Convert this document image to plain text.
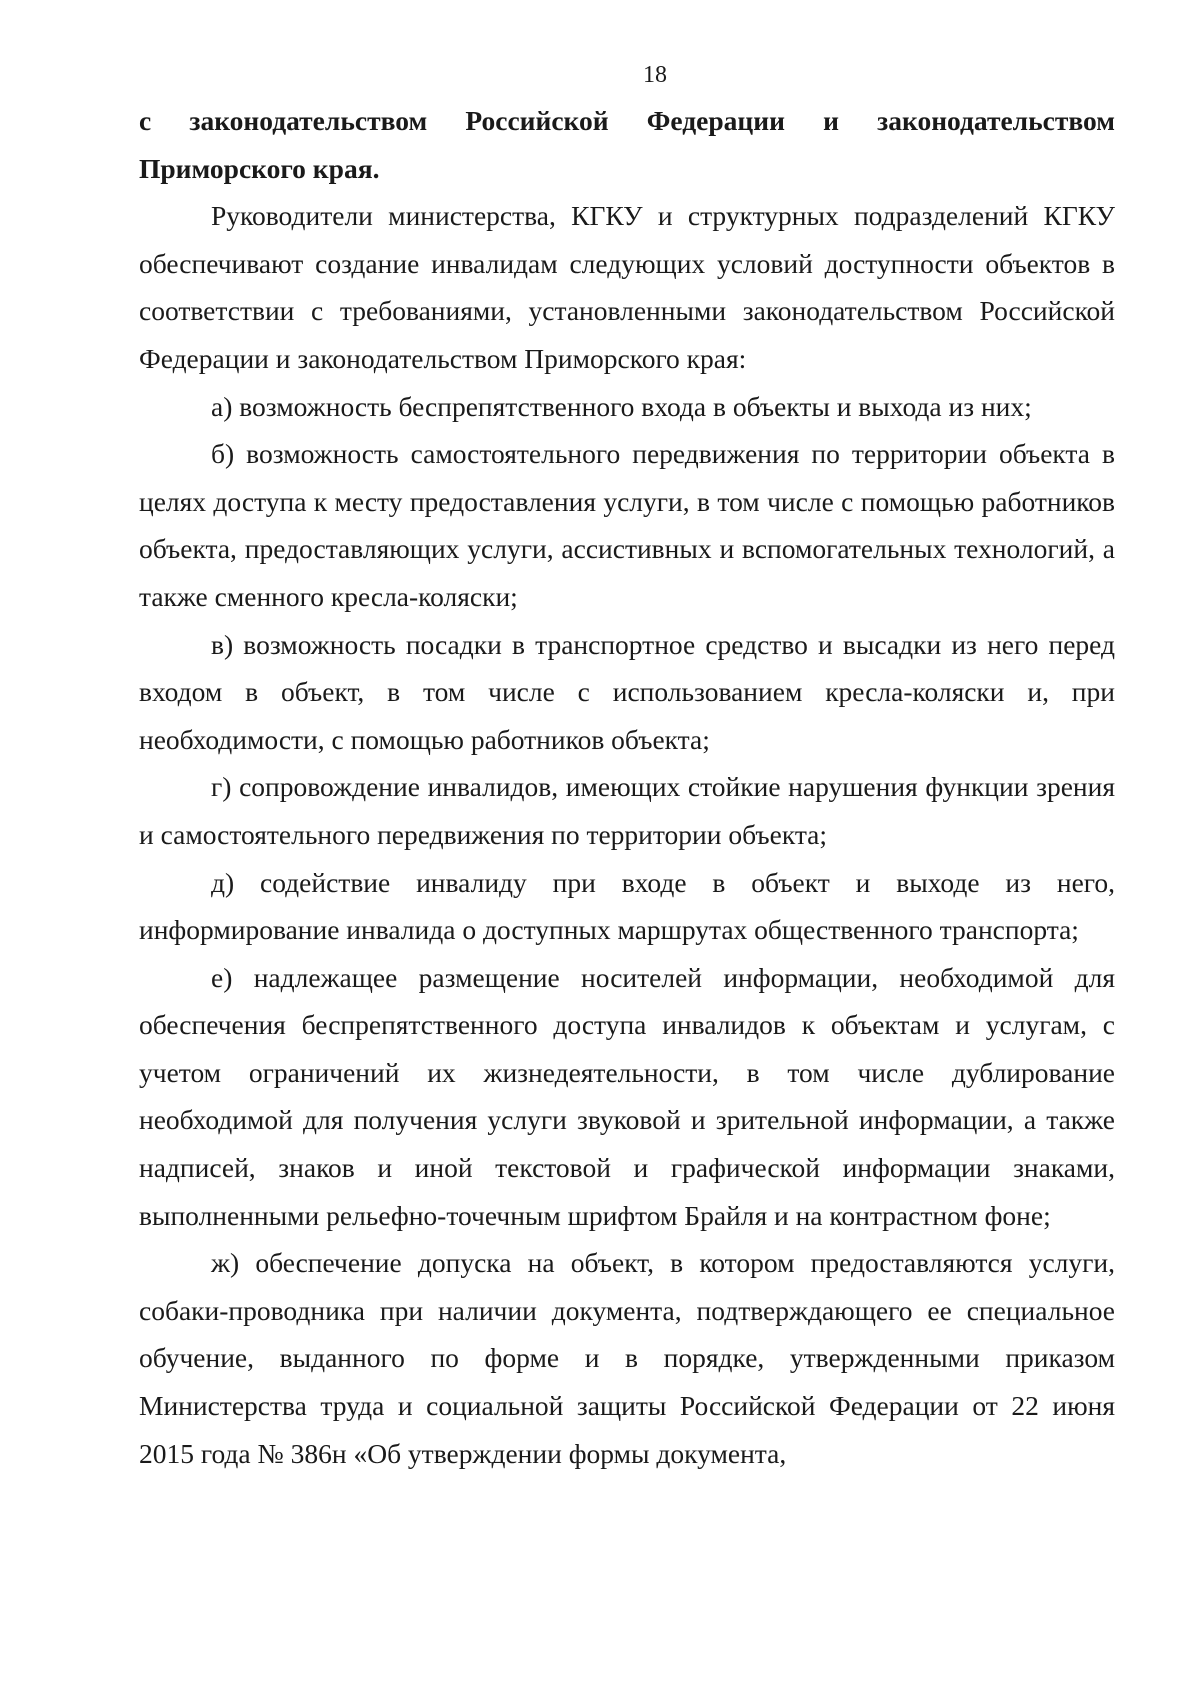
18

с законодательством Российской Федерации и законодательством Приморского края.

Руководители министерства, КГКУ и структурных подразделений КГКУ обеспечивают создание инвалидам следующих условий доступности объектов в соответствии с требованиями, установленными законодательством Российской Федерации и законодательством Приморского края:

а) возможность беспрепятственного входа в объекты и выхода из них;

б) возможность самостоятельного передвижения по территории объекта в целях доступа к месту предоставления услуги, в том числе с помощью работников объекта, предоставляющих услуги, ассистивных и вспомогательных технологий, а также сменного кресла-коляски;

в) возможность посадки в транспортное средство и высадки из него перед входом в объект, в том числе с использованием кресла-коляски и, при необходимости, с помощью работников объекта;

г) сопровождение инвалидов, имеющих стойкие нарушения функции зрения и самостоятельного передвижения по территории объекта;

д) содействие инвалиду при входе в объект и выходе из него, информирование инвалида о доступных маршрутах общественного транспорта;

е) надлежащее размещение носителей информации, необходимой для обеспечения беспрепятственного доступа инвалидов к объектам и услугам, с учетом ограничений их жизнедеятельности, в том числе дублирование необходимой для получения услуги звуковой и зрительной информации, а также надписей, знаков и иной текстовой и графической информации знаками, выполненными рельефно-точечным шрифтом Брайля и на контрастном фоне;

ж) обеспечение допуска на объект, в котором предоставляются услуги, собаки-проводника при наличии документа, подтверждающего ее специальное обучение, выданного по форме и в порядке, утвержденными приказом Министерства труда и социальной защиты Российской Федерации от 22 июня 2015 года № 386н «Об утверждении формы документа,
